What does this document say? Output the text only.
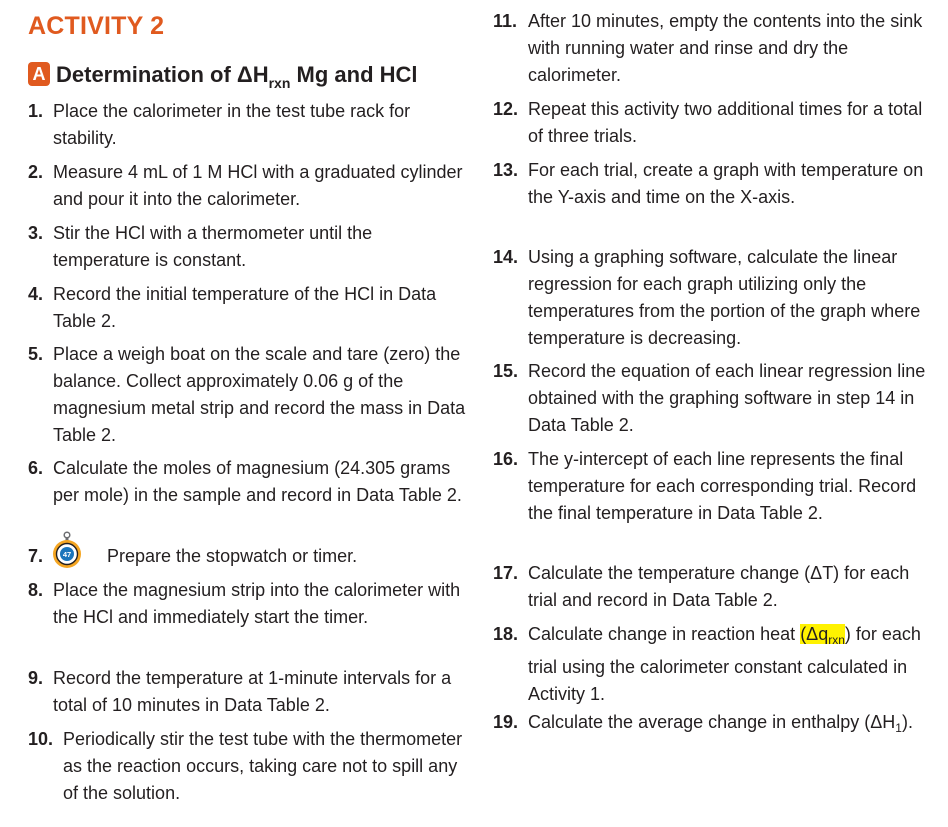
ACTIVITY 2
A Determination of $\Delta H_{rxn}$ Mg and HCl
1. Place the calorimeter in the test tube rack for stability.
2. Measure 4 mL of 1 M HCl with a graduated cylinder and pour it into the calorimeter.
3. Stir the HCl with a thermometer until the temperature is constant.
4. Record the initial temperature of the HCl in Data Table 2.
5. Place a weigh boat on the scale and tare (zero) the balance. Collect approximately 0.06 g of the magnesium metal strip and record the mass in Data Table 2.
6. Calculate the moles of magnesium (24.305 grams per mole) in the sample and record in Data Table 2.
7.	47	Prepare the stopwatch or timer.
8. Place the magnesium strip into the calorimeter with the HCl and immediately start the timer.
9. Record the temperature at 1-minute intervals for a total of 10 minutes in Data Table 2.
10. Periodically stir the test tube with the thermometer as the reaction occurs, taking care not to spill any of the solution.
11. After 10 minutes, empty the contents into the sink with running water and rinse and dry the calorimeter.
12. Repeat this activity two additional times for a total of three trials.
13. For each trial, create a graph with temperature on the Y-axis and time on the X-axis.
14. Using a graphing software, calculate the linear regression for each graph utilizing only the temperatures from the portion of the graph where temperature is decreasing.
15. Record the equation of each linear regression line obtained with the graphing software in step 14 in Data Table 2.
16. The y-intercept of each line represents the final temperature for each corresponding trial. Record the final temperature in Data Table 2.
17. Calculate the temperature change (ΔT) for each trial and record in Data Table 2.
18. Calculate change in reaction heat $(\Delta q_{rxn})$ for each trial using the calorimeter constant calculated in Activity 1.
19. Calculate the average change in enthalpy $(\Delta H_1)$.
